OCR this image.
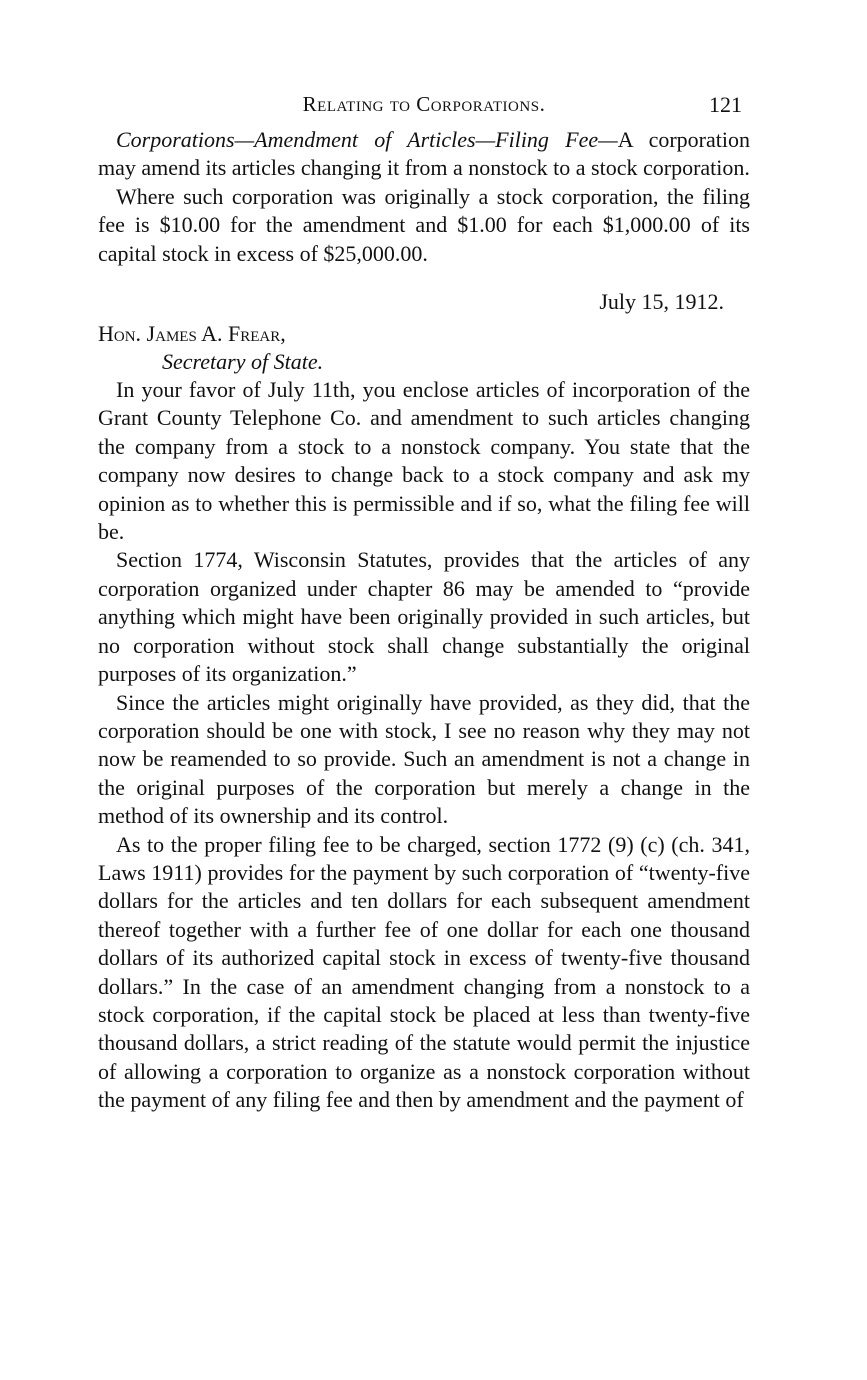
Relating to Corporations.	121

Corporations—Amendment of Articles—Filing Fee—A corporation may amend its articles changing it from a nonstock to a stock corporation.

Where such corporation was originally a stock corporation, the filing fee is $10.00 for the amendment and $1.00 for each $1,000.00 of its capital stock in excess of $25,000.00.

July 15, 1912.
Hon. James A. Frear,
Secretary of State.

In your favor of July 11th, you enclose articles of incorporation of the Grant County Telephone Co. and amendment to such articles changing the company from a stock to a nonstock company. You state that the company now desires to change back to a stock company and ask my opinion as to whether this is permissible and if so, what the filing fee will be.

Section 1774, Wisconsin Statutes, provides that the articles of any corporation organized under chapter 86 may be amended to “provide anything which might have been originally provided in such articles, but no corporation without stock shall change substantially the original purposes of its organization.”

Since the articles might originally have provided, as they did, that the corporation should be one with stock, I see no reason why they may not now be reamended to so provide. Such an amendment is not a change in the original purposes of the corporation but merely a change in the method of its ownership and its control.

As to the proper filing fee to be charged, section 1772 (9) (c) (ch. 341, Laws 1911) provides for the payment by such corporation of “twenty-five dollars for the articles and ten dollars for each subsequent amendment thereof together with a further fee of one dollar for each one thousand dollars of its authorized capital stock in excess of twenty-five thousand dollars.” In the case of an amendment changing from a nonstock to a stock corporation, if the capital stock be placed at less than twenty-five thousand dollars, a strict reading of the statute would permit the injustice of allowing a corporation to organize as a nonstock corporation without the payment of any filing fee and then by amendment and the payment of
